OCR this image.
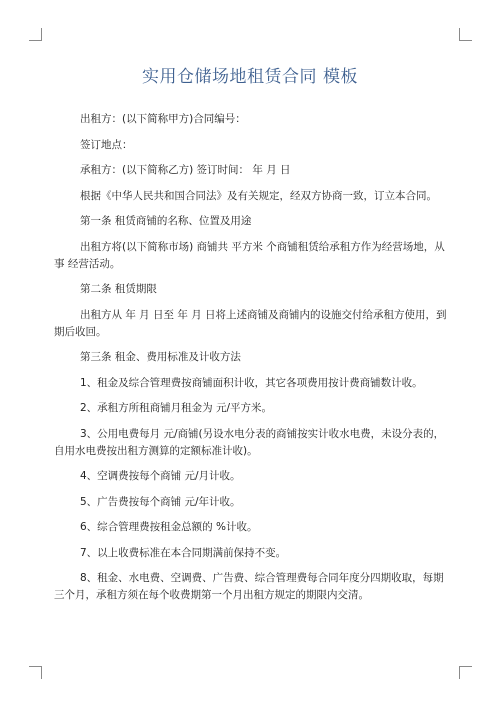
实用仓储场地租赁合同 模板

出租方：(以下简称甲方)合同编号：

签订地点：

承租方：(以下简称乙方) 签订时间： 年 月 日

根据《中华人民共和国合同法》及有关规定，经双方协商一致，订立本合同。

第一条 租赁商铺的名称、位置及用途

出租方将(以下简称市场) 商铺共 平方米 个商铺租赁给承租方作为经营场地，从

事 经营活动。

第二条 租赁期限

出租方从 年 月 日至 年 月 日将上述商铺及商铺内的设施交付给承租方使用，到

期后收回。

第三条 租金、费用标准及计收方法

1、租金及综合管理费按商铺面积计收，其它各项费用按计费商铺数计收。

2、承租方所租商铺月租金为 元/平方米。

3、公用电费每月 元/商铺(另设水电分表的商铺按实计收水电费，未设分表的，

自用水电费按出租方测算的定额标准计收)。

4、空调费按每个商铺 元/月计收。

5、广告费按每个商铺 元/年计收。

6、综合管理费按租金总额的 %计收。

7、以上收费标准在本合同期满前保持不变。

8、租金、水电费、空调费、广告费、综合管理费每合同年度分四期收取，每期

三个月，承租方须在每个收费期第一个月出租方规定的期限内交清。
